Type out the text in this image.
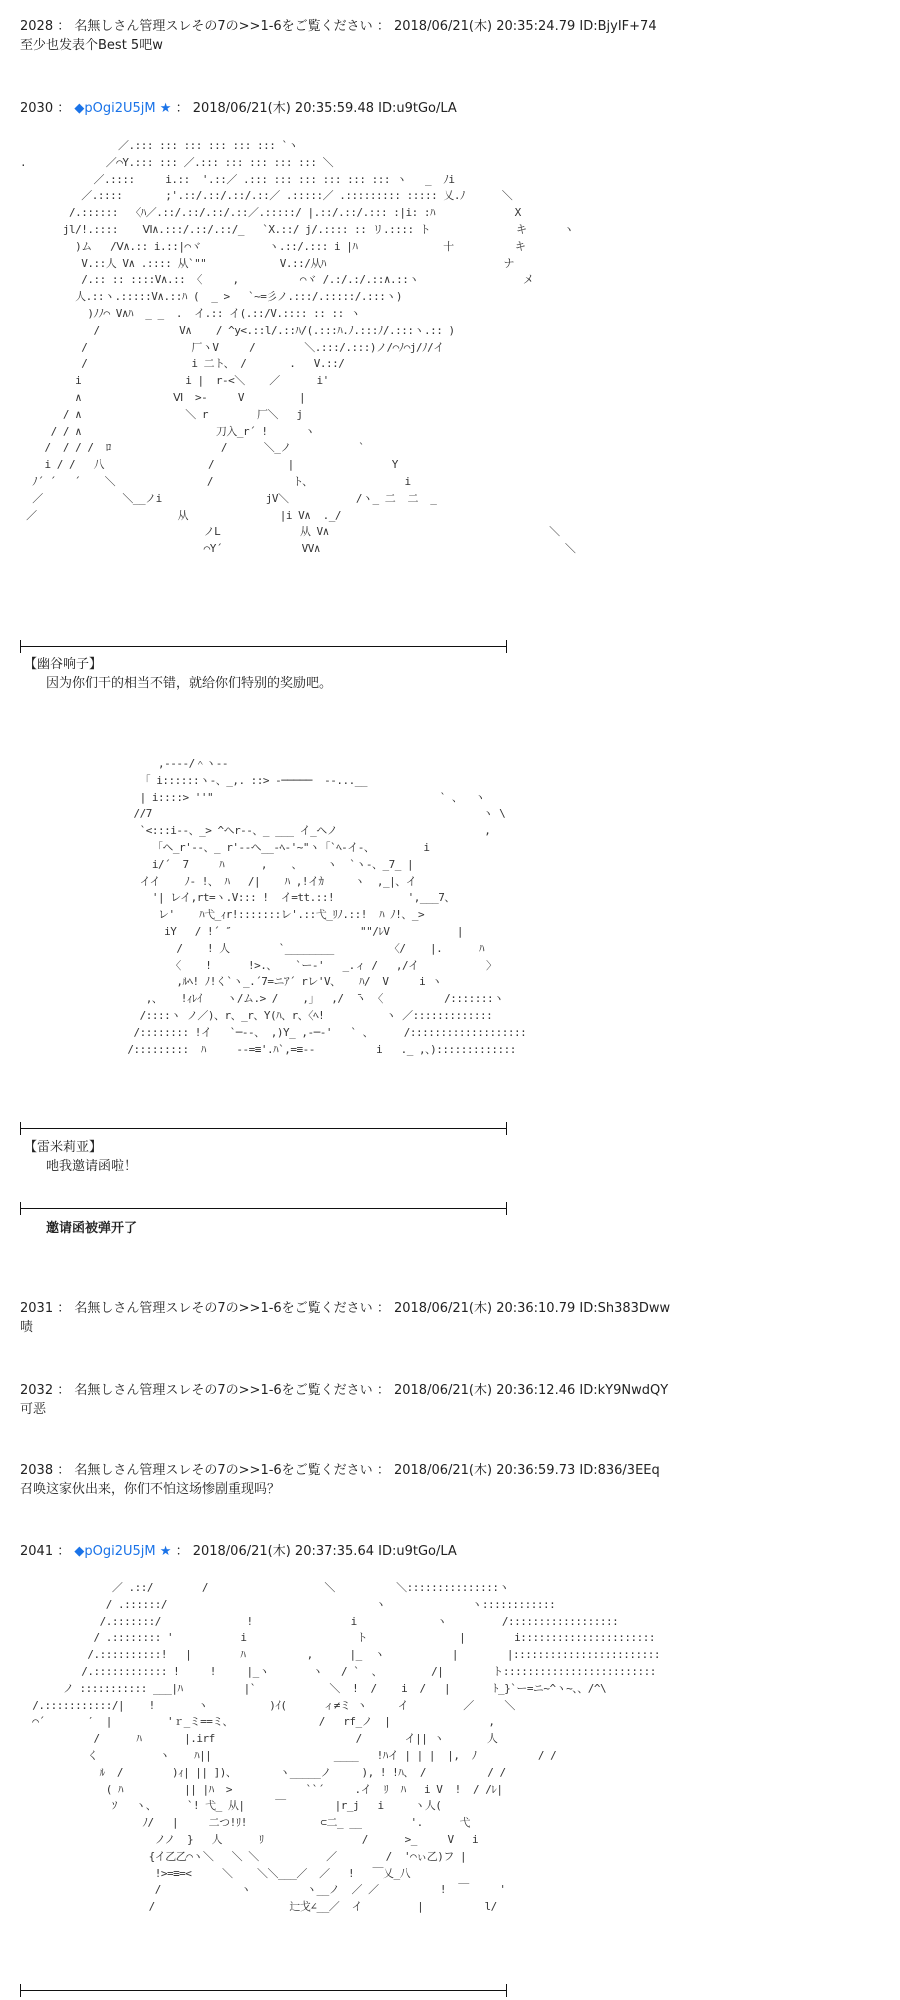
2028 ： 名無しさん管理スレその7の>>1-6をご覧ください ： 2018/06/21(木) 20:35:24.79 ID:BjyIF+74
至少也发表个Best 5吧w
2030 ： ◆pOgi2U5jM ★ ： 2018/06/21(木) 20:35:59.48 ID:u9tGo/LA
／.::: ::: ::: ::: ::: ::: `ヽ
.             ／⌒Y.::: ::: ／.::: ::: ::: ::: ::: ＼
／.::::     i.::  '.::／ .::: ::: ::: ::: ::: ::: ヽ   _  ﾉi
／.::::       ;'.::/.::/.::/.::／ .:::::／ .::::::::: ::::: 乂.ﾉ      ＼
/.::::::  〈ﾊ／.::/.::/.::/.::／.:::::/ |.::/.::/.::: :|i: :ﾊ             X
jl/!.::::    Ⅵ∧.:::/.::/.::/_   `X.::/ j/.:::: :: リ.:::: ト              キ      ヽ
)ム   /Ⅴ∧.:: i.::|⌒ヾ           ヽ.::/.::: i |ﾊ              十          キ
V.::人 V∧ .:::: 从`""            V.::/从ﾊ                             ナ
/.:: :: ::::V∧.:: 〈     ,          ⌒ヾ /.:/.:/.::∧.::ヽ                 メ
人.::ヽ.:::::V∧.::ﾊ (  _ >   `~=彡ノ.:::/.:::::/.:::ヽ)
)ﾉﾉ⌒ V∧ﾊ  _ _  .  イ.:: イ(.::/V.:::: :: :: ヽ
/             V∧    / ^y<.::l/.::ﾊ/(.:::ﾊ.ﾉ.:::ﾉ/.:::ヽ.:: )
/                 厂ヽV     /        ＼.:::/.:::)ノ/⌒ﾉ⌒j/ﾉ/イ
/                 i 二ト、 /       .   V.::/
i                 i |  r‐<＼    ／      i'
∧               Ⅵ  >-     V         |
/ ∧                 ＼ r        厂＼   j
/ / ∧                      刀入_r´ !      ヽ
/  / / /  ﾛ                  /      ＼_ノ           `
i / /   八                 /            |                Y
ﾉ´ ´   ´    ＼               /             ト、               i
／             ＼__ノi                 jV＼           /ヽ_ 二  二  _
／                       从               |i V∧  ._/
ノL             从 V∧                                    ＼
⌒Y´             VV∧                                        ＼
【幽谷响子】
因为你们干的相当不错，就给你们特别的奖励吧。
,----/＾ヽ--
「 i::::::ヽ-、_,. ::> ‐─────  ‐-...__
| i::::> ''"                                     ` 、  ヽ
//7                                                      ヽ \
`<:::i--、_> ^ヘr--、_ ___ イ_ヘノ                        ,
「ヘ_r'--、_ r'--ヘ__-ﾍ-'~"ヽ「`ﾍ-イ-、        i
i/´  7     ﾊ      ,    、    ヽ  `ヽ-、_7_ |
イイ    ﾉ- !、 ﾊ   /|    ﾊ ,!イｶ     ヽ  ,_|、イ
'| レイ,rt=ヽ.V::: !  イ=tt.::!            ',___7、
レ'    ﾊ弋_ｨr!:::::::レ'.::弋_ﾘﾉ.::!  ﾊ ﾉ!、_>
iY   / !´ ″                     ""/ﾚV           |
/    ! 人        `________         〈/    |.      ﾊ
〈    !      !>.、   `ー‐'   _.ィ /   ,/イ           〉
,ﾙﾍ! ﾉ!く`ヽ_.´7=ニｱ´ rレ'V、   ﾊ/  V     i ヽ
,、   !ｨﾚｲ    ヽ/ム.> /    ,」  ,/  ̄ヽ 〈          /:::::::ヽ
/::::ヽ ノ／)、r、_r、Y(ﾊ、r、〈ﾍ!          ヽ ／:::::::::::::
/:::::::: !イ   `─‐-、 ,)Y_ ,-─‐'   ` 、     /:::::::::::::::::::
/:::::::::  ﾊ     --=≡'.ﾊ`,=≡--          i   ._ ,、):::::::::::::
【雷米莉亚】
吔我邀请函啦！
邀请函被弹开了
2031 ： 名無しさん管理スレその7の>>1-6をご覧ください ： 2018/06/21(木) 20:36:10.79 ID:Sh383Dww
啧
2032 ： 名無しさん管理スレその7の>>1-6をご覧ください ： 2018/06/21(木) 20:36:12.46 ID:kY9NwdQY
可恶
2038 ： 名無しさん管理スレその7の>>1-6をご覧ください ： 2018/06/21(木) 20:36:59.73 ID:836/3EEq
召唤这家伙出来，你们不怕这场惨剧重现吗？
2041 ： ◆pOgi2U5jM ★ ： 2018/06/21(木) 20:37:35.64 ID:u9tGo/LA
／ .::/        /                   ＼          ＼:::::::::::::::ヽ
/ .::::::/                                  ヽ              ヽ::::::::::::
/.:::::::/              !                i             ヽ         /::::::::::::::::::
/ .:::::::: '           i                  ト               |        i::::::::::::::::::::::
/.::::::::::!   |        ﾊ          ,      |_  ヽ           |        |::::::::::::::::::::::::
/.:::::::::::: !     !     |_ヽ       ヽ   / `  、        /|        ト:::::::::::::::::::::::::
ノ ::::::::::: ___|ﾊ          |`            ＼  !  /    i  /   |       ﾄ_}`ー=ニ~^ヽ~、、/^\
/.:::::::::::/|    !       ヽ          )ｲ(      ィ≠ミ ヽ     イ         ／     ＼
⌒´       ′  |         'ｒ_ミ==ミ、              /   rf_ノ  |                ,
/      ﾊ       |.irf                       /       イ|| ヽ       人
く          ヽ    ﾊ||                    ____   !ﾊイ | | |  |,  ﾉ          / /
ﾙ  /        )ｨ| || ])、       ヽ_____ノ     ), ! !ﾊ、 /          / /
( ﾊ          || |ﾊ  >            ``´     .イ  ﾘ  ﾊ   i V  !  / /ﾚ|
ｿ   ヽ、     `! 弋_ 从|     ￣        |r_j   i     ヽ人(
ﾉ/   |     二つ!ﾘ!            ⊂二_ __        '.      弋
ノノ  }   人      ﾘ                /      >_     V   i
{イ乙乙⌒ヽ＼   ＼ ＼           ／        /  '⌒ぃ乙)フ |
!>=≡=<     ＼    ＼＼___／  ／   !   ￣乂_八
/             ヽ         ヽ__ノ  ／ ／          !  ￣     '
/                      辷戈∠__／  イ         |          l/
